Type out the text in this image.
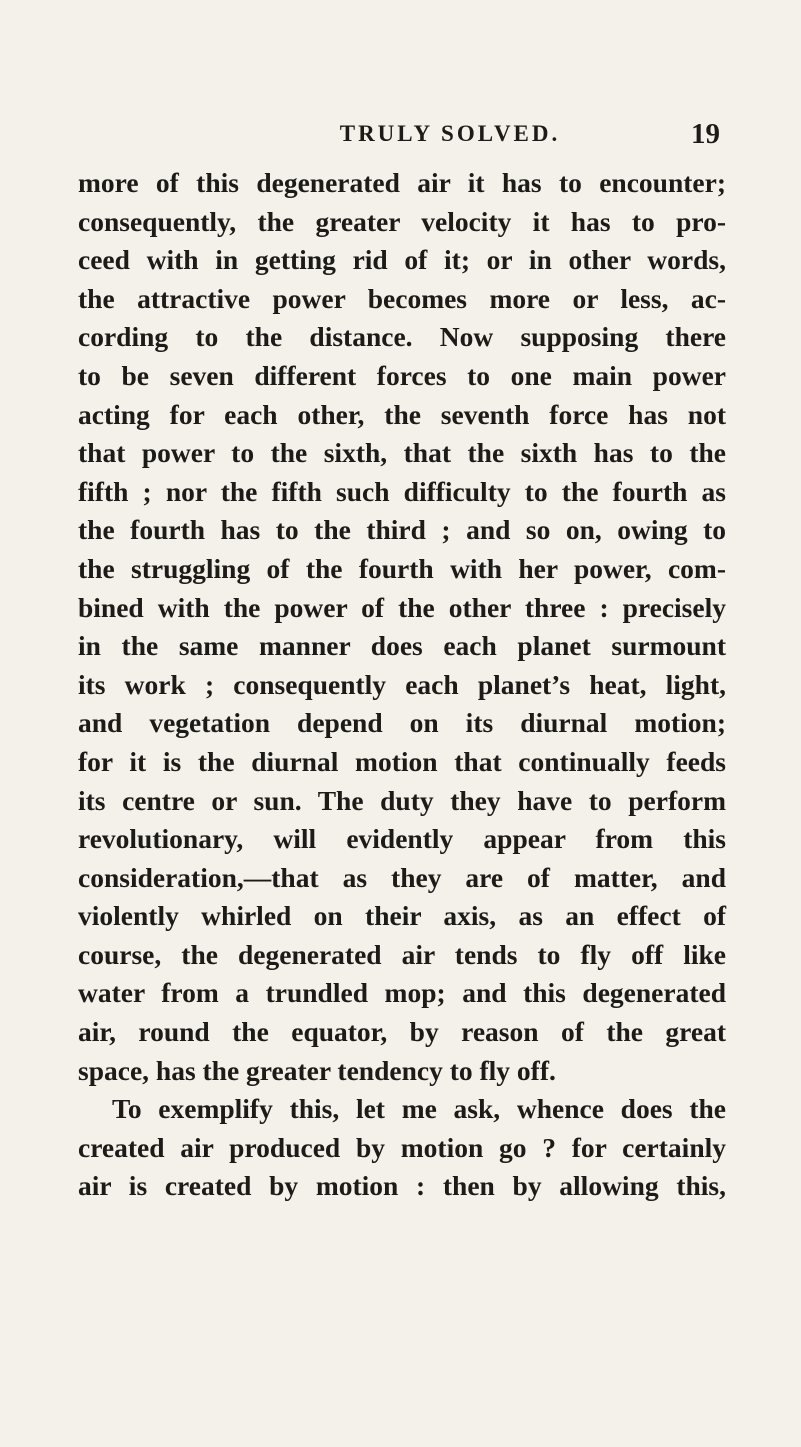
TRULY SOLVED.	19
more of this degenerated air it has to encounter;
consequently, the greater velocity it has to pro-
ceed with in getting rid of it; or in other words,
the attractive power becomes more or less, ac-
cording to the distance. Now supposing there
to be seven different forces to one main power
acting for each other, the seventh force has not
that power to the sixth, that the sixth has to the
fifth ; nor the fifth such difficulty to the fourth as
the fourth has to the third ; and so on, owing to
the struggling of the fourth with her power, com-
bined with the power of the other three : precisely
in the same manner does each planet surmount
its work ; consequently each planet’s heat, light,
and vegetation depend on its diurnal motion;
for it is the diurnal motion that continually feeds
its centre or sun. The duty they have to perform
revolutionary, will evidently appear from this
consideration,—that as they are of matter, and
violently whirled on their axis, as an effect of
course, the degenerated air tends to fly off like
water from a trundled mop; and this degenerated
air, round the equator, by reason of the great
space, has the greater tendency to fly off.
To exemplify this, let me ask, whence does the
created air produced by motion go ? for certainly
air is created by motion : then by allowing this,
